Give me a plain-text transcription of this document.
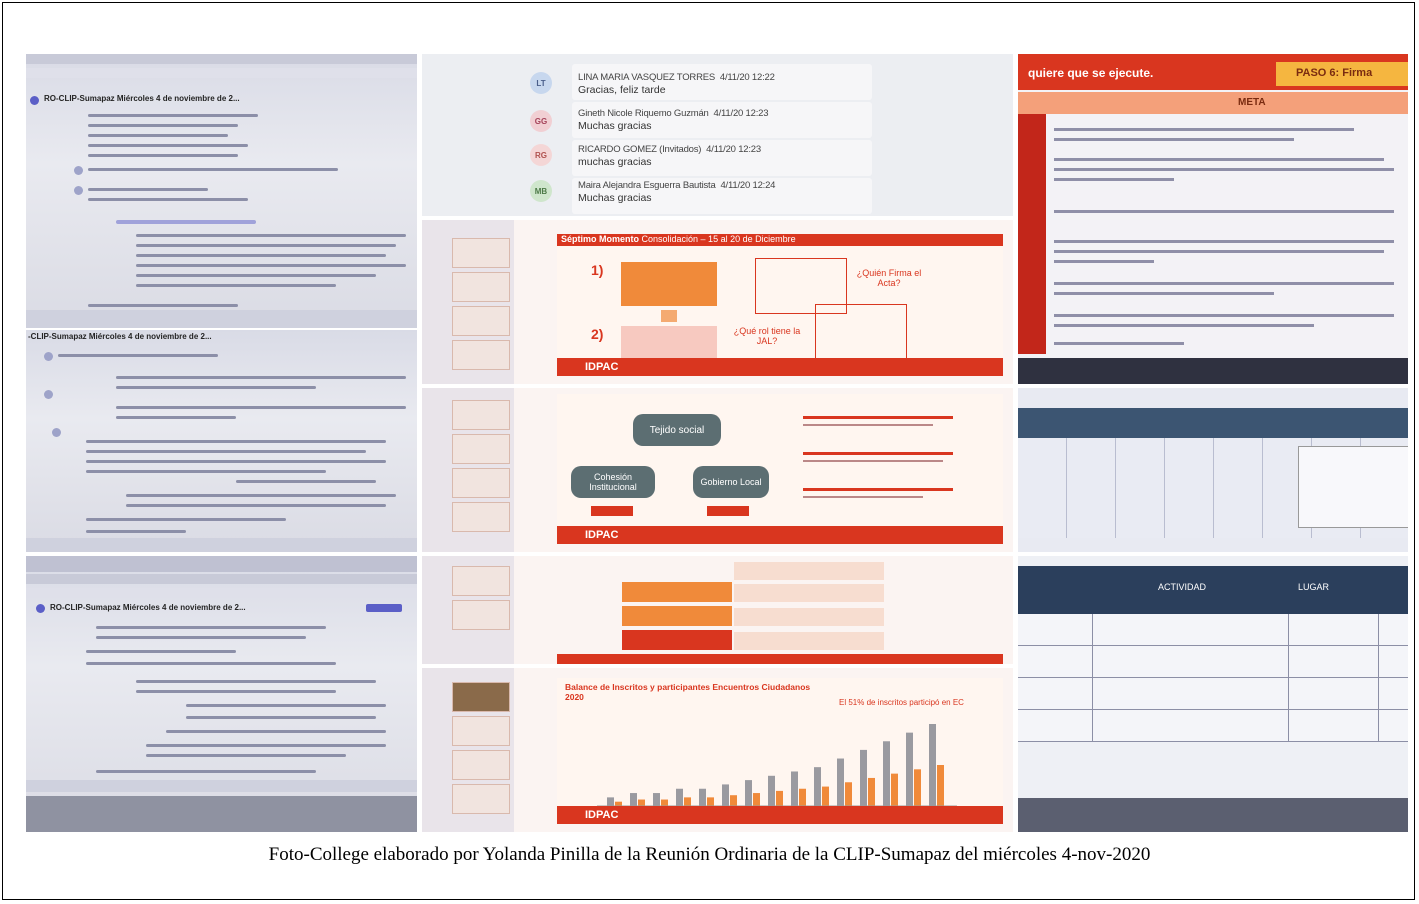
RO-CLIP-Sumapaz Miércoles 4 de noviembre de 2...
-CLIP-Sumapaz Miércoles 4 de noviembre de 2...
RO-CLIP-Sumapaz Miércoles 4 de noviembre de 2...
LT	LINA MARIA VASQUEZ TORRES 4/11/20 12:22
Gracias, feliz tarde
GG
Gineth Nicole Riquemo Guzmán 4/11/20 12:23
Muchas gracias
RG	RICARDO GOMEZ (Invitados) 4/11/20 12:23
muchas gracias
MB	Maira Alejandra Esguerra Bautista 4/11/20 12:24
Muchas gracias
Séptimo Momento Consolidación – 15 al 20 de Diciembre
1)
2)
¿Quién Firma el Acta?
¿Qué rol tiene la JAL?
IDPAC
Tejido social
Cohesión Institucional	Gobierno Local
IDPAC
Balance de Inscritos y participantes Encuentros Ciudadanos 2020
El 51% de inscritos participó en EC
IDPAC
quiere que se ejecute.	PASO 6: Firma
META
ACTIVIDAD	LUGAR
Foto-College elaborado por Yolanda Pinilla de la Reunión Ordinaria de la CLIP-Sumapaz del miércoles 4-nov-2020
